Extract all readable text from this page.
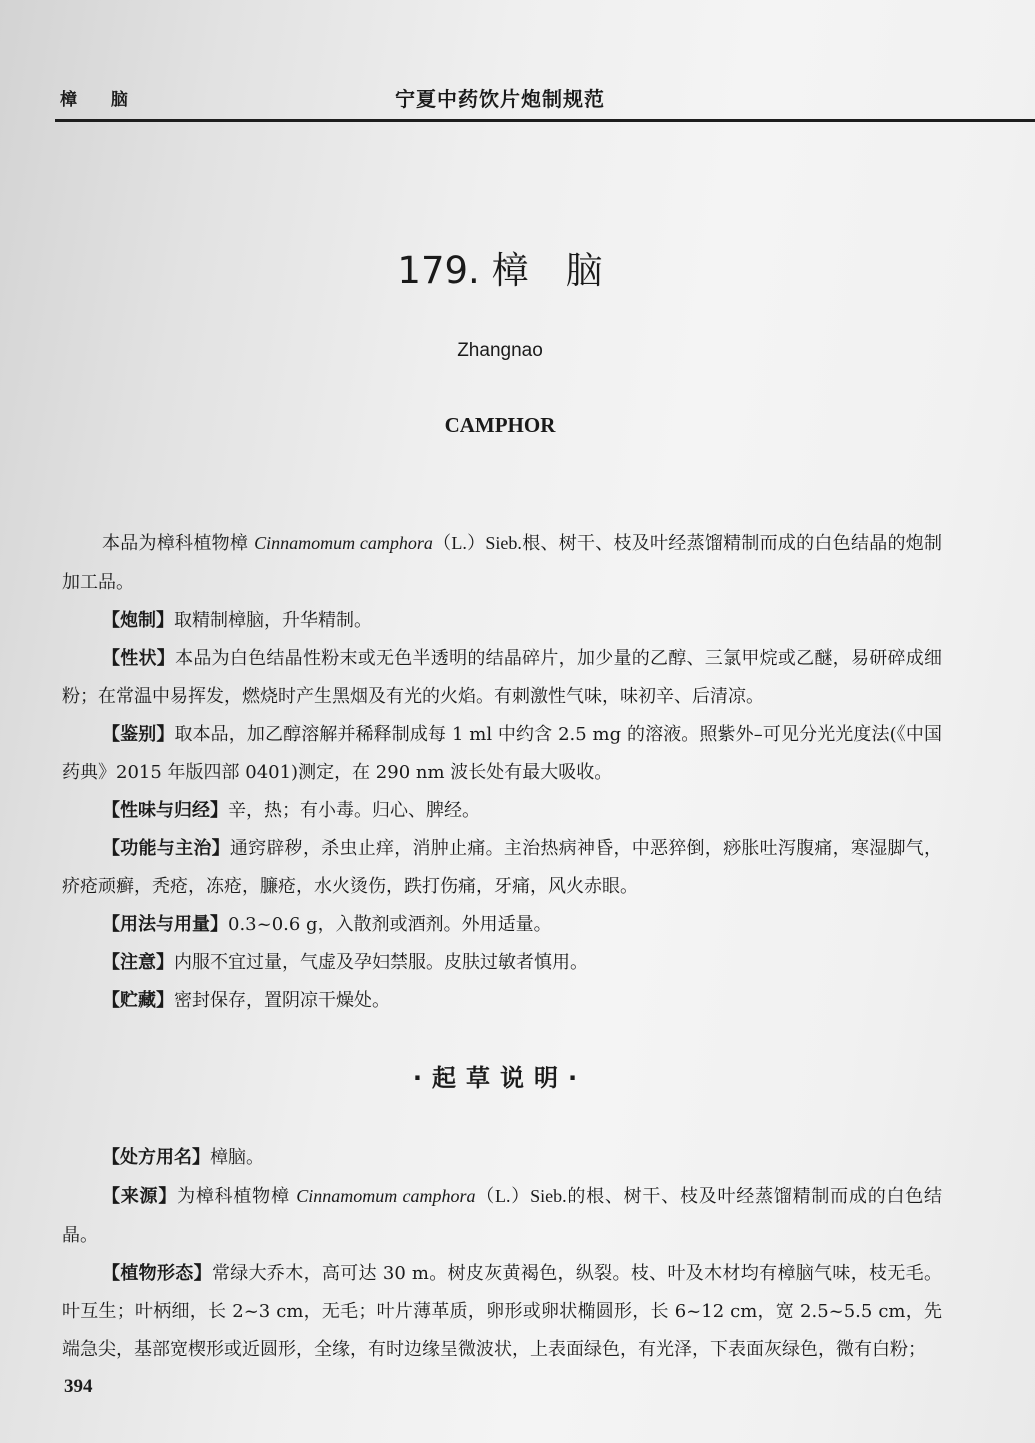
樟 脑	宁夏中药饮片炮制规范
179. 樟　脑
Zhangnao
CAMPHOR

本品为樟科植物樟 Cinnamomum camphora（L.）Sieb.根、树干、枝及叶经蒸馏精制而成的白色结晶的炮制加工品。

【炮制】取精制樟脑，升华精制。

【性状】本品为白色结晶性粉末或无色半透明的结晶碎片，加少量的乙醇、三氯甲烷或乙醚，易研碎成细粉；在常温中易挥发，燃烧时产生黑烟及有光的火焰。有刺激性气味，味初辛、后清凉。

【鉴别】取本品，加乙醇溶解并稀释制成每 1 ml 中约含 2.5 mg 的溶液。照紫外–可见分光光度法(《中国药典》2015 年版四部 0401)测定，在 290 nm 波长处有最大吸收。

【性味与归经】辛，热；有小毒。归心、脾经。

【功能与主治】通窍辟秽，杀虫止痒，消肿止痛。主治热病神昏，中恶猝倒，痧胀吐泻腹痛，寒湿脚气，疥疮顽癣，秃疮，冻疮，臁疮，水火烫伤，跌打伤痛，牙痛，风火赤眼。

【用法与用量】0.3~0.6 g，入散剂或酒剂。外用适量。

【注意】内服不宜过量，气虚及孕妇禁服。皮肤过敏者慎用。

【贮藏】密封保存，置阴凉干燥处。

·起草说明·

【处方用名】樟脑。

【来源】为樟科植物樟 Cinnamomum camphora（L.）Sieb.的根、树干、枝及叶经蒸馏精制而成的白色结晶。

【植物形态】常绿大乔木，高可达 30 m。树皮灰黄褐色，纵裂。枝、叶及木材均有樟脑气味，枝无毛。叶互生；叶柄细，长 2~3 cm，无毛；叶片薄革质，卵形或卵状椭圆形，长 6~12 cm，宽 2.5~5.5 cm，先端急尖，基部宽楔形或近圆形，全缘，有时边缘呈微波状，上表面绿色，有光泽，下表面灰绿色，微有白粉；

394
